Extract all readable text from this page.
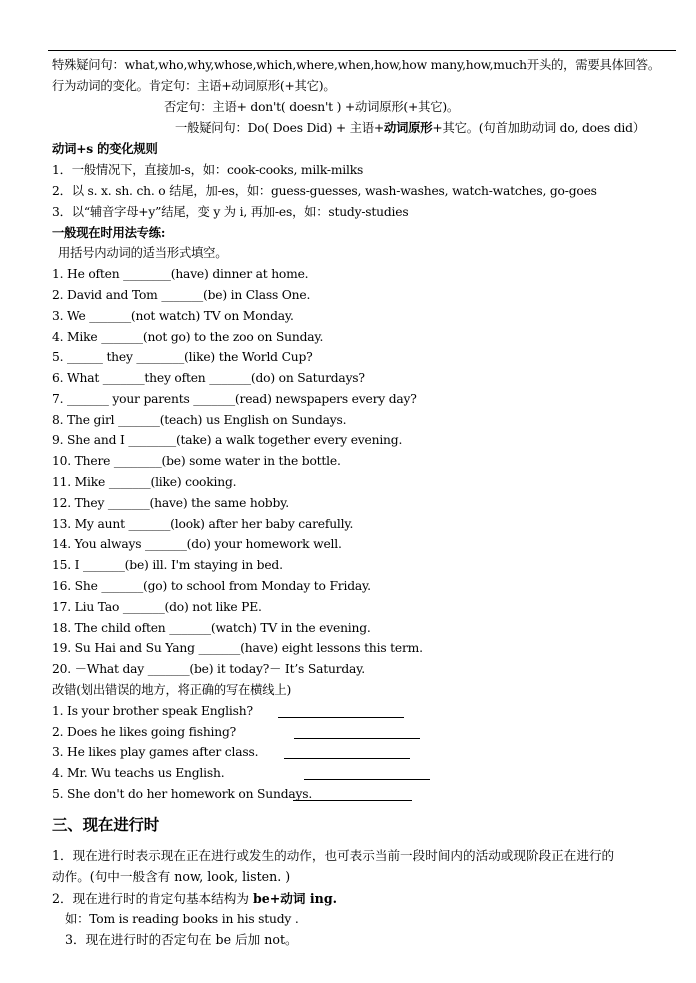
特殊疑问句：what,who,why,whose,which,where,when,how,how many,how,much开头的，需要具体回答。
行为动词的变化。肯定句：主语+动词原形(+其它)。
否定句：主语+ don't( doesn't ) +动词原形(+其它)。
一般疑问句：Do( Does Did) + 主语+动词原形+其它。(句首加助动词 do, does did）
动词+s 的变化规则
1．一般情况下，直接加-s，如：cook-cooks, milk-milks
2．以 s. x. sh. ch. o 结尾，加-es，如：guess-guesses, wash-washes, watch-watches, go-goes
3．以“辅音字母+y”结尾，变 y 为 i, 再加-es，如：study-studies
一般现在时用法专练:
用括号内动词的适当形式填空。
1. He often ________(have) dinner at home.
2. David and Tom _______(be) in Class One.
3. We _______(not watch) TV on Monday.
4. Mike _______(not go) to the zoo on Sunday.
5. ______ they ________(like) the World Cup?
6. What _______they often _______(do) on Saturdays?
7. _______ your parents _______(read) newspapers every day?
8. The girl _______(teach) us English on Sundays.
9. She and I ________(take) a walk together every evening.
10. There ________(be) some water in the bottle.
11. Mike _______(like) cooking.
12. They _______(have) the same hobby.
13. My aunt _______(look) after her baby carefully.
14. You always _______(do) your homework well.
15. I _______(be) ill. I'm staying in bed.
16. She _______(go) to school from Monday to Friday.
17. Liu Tao _______(do) not like PE.
18. The child often _______(watch) TV in the evening.
19. Su Hai and Su Yang _______(have) eight lessons this term.
20. －What day _______(be) it today?－ It’s Saturday.
改错(划出错误的地方，将正确的写在横线上)
1. Is your brother speak English?
2. Does he likes going fishing?
3. He likes play games after class.
4. Mr. Wu teachs us English.
5. She don't do her homework on Sundays.
三、现在进行时
1．现在进行时表示现在正在进行或发生的动作，也可表示当前一段时间内的活动或现阶段正在进行的
动作。(句中一般含有 now, look, listen. )
2．现在进行时的肯定句基本结构为 be+动词 ing.
如：Tom is reading books in his study .
3．现在进行时的否定句在 be 后加 not。
